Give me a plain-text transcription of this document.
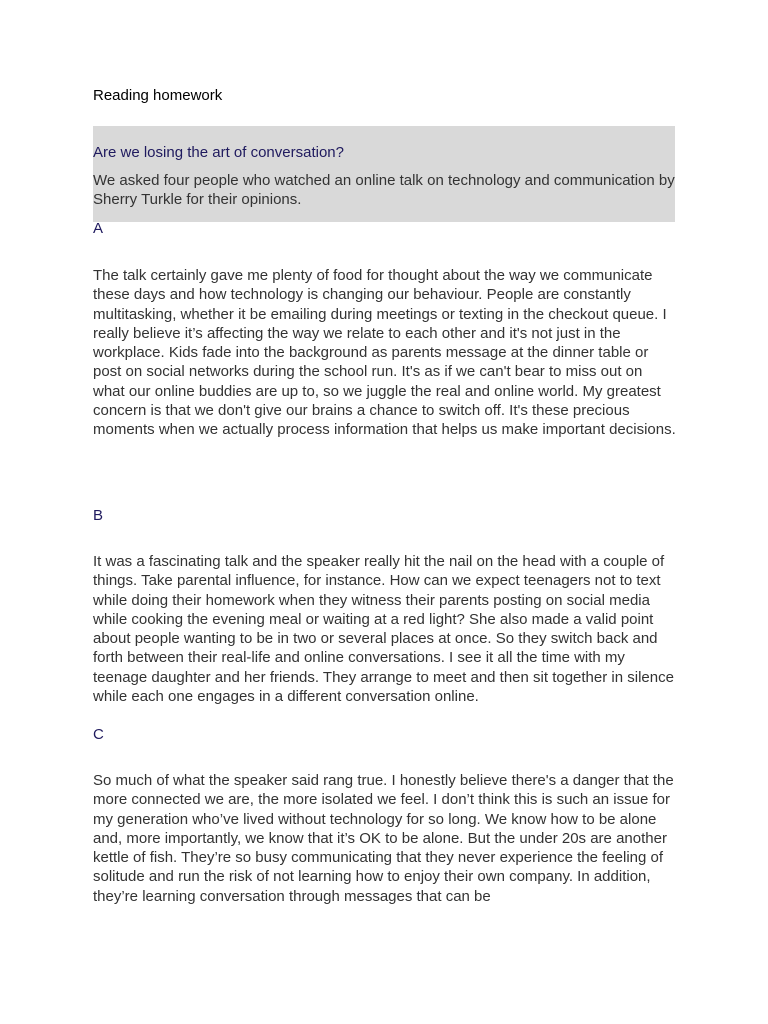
Reading homework
Are we losing the art of conversation?
We asked four people who watched an online talk on technology and communication by Sherry Turkle for their opinions.
A
The talk certainly gave me plenty of food for thought about the way we communicate these days and how technology is changing our behaviour. People are constantly multitasking, whether it be emailing during meetings or texting in the checkout queue. I really believe it’s affecting the way we relate to each other and it's not just in the workplace. Kids fade into the background as parents message at the dinner table or post on social networks during the school run. It's as if we can't bear to miss out on what our online buddies are up to, so we juggle the real and online world. My greatest concern is that we don't give our brains a chance to switch off. It's these precious moments when we actually process information that helps us make important decisions.
B
It was a fascinating talk and the speaker really hit the nail on the head with a couple of things. Take parental influence, for instance. How can we expect teenagers not to text while doing their homework when they witness their parents posting on social media while cooking the evening meal or waiting at a red light? She also made a valid point about people wanting to be in two or several places at once. So they switch back and forth between their real-life and online conversations. I see it all the time with my teenage daughter and her friends. They arrange to meet and then sit together in silence while each one engages in a different conversation online.
C
So much of what the speaker said rang true. I honestly believe there's a danger that the more connected we are, the more isolated we feel. I don’t think this is such an issue for my generation who’ve lived without technology for so long. We know how to be alone and, more importantly, we know that it’s OK to be alone. But the under 20s are another kettle of fish. They’re so busy communicating that they never experience the feeling of solitude and run the risk of not learning how to enjoy their own company. In addition, they’re learning conversation through messages that can be
